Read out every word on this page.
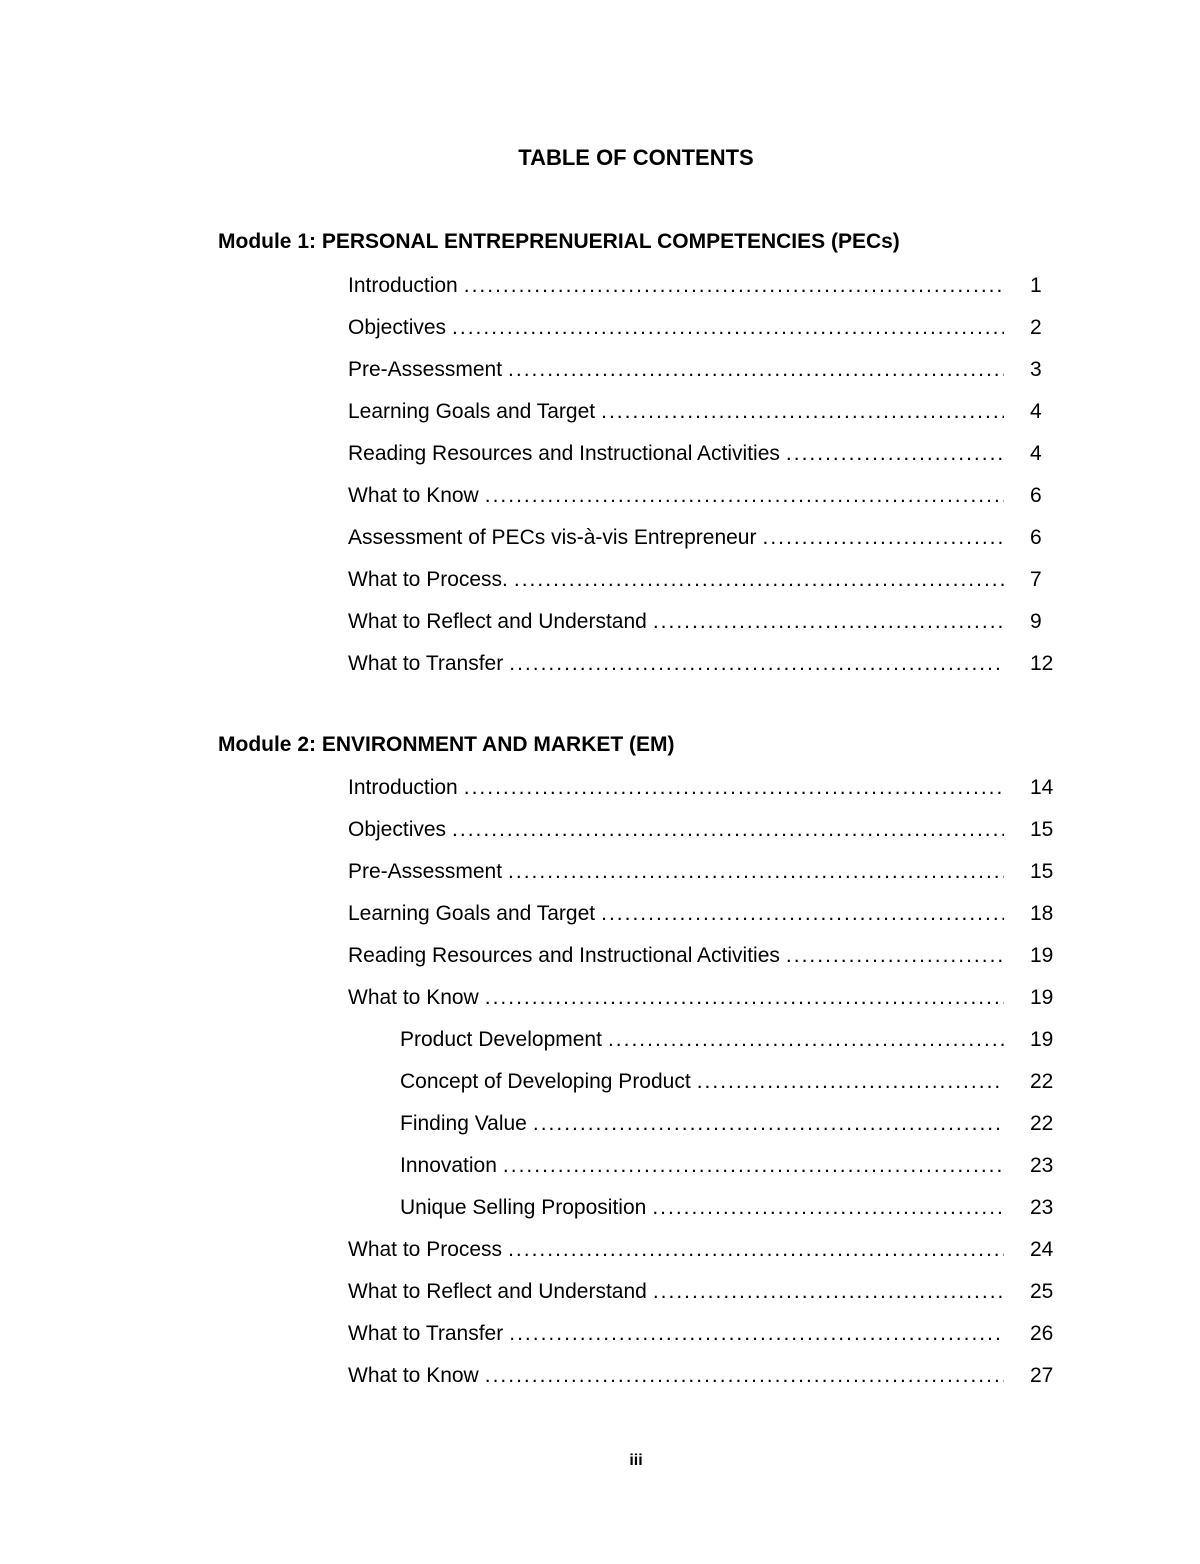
TABLE OF CONTENTS
Module 1: PERSONAL ENTREPRENUERIAL COMPETENCIES (PECs)
Introduction .....	1
Objectives .....	2
Pre-Assessment .....	3
Learning Goals and Target .....	4
Reading Resources and Instructional Activities .....	4
What to Know .....	6
Assessment of PECs vis-à-vis Entrepreneur .....	6
What to Process. .....	7
What to Reflect and Understand .....	9
What to Transfer .....	12
Module 2: ENVIRONMENT AND MARKET (EM)
Introduction .....	14
Objectives .....	15
Pre-Assessment .....	15
Learning Goals and Target .....	18
Reading Resources and Instructional Activities .....	19
What to Know .....	19
Product Development .....	19
Concept of Developing Product .....	22
Finding Value .....	22
Innovation .....	23
Unique Selling Proposition .....	23
What to Process .....	24
What to Reflect and Understand .....	25
What to Transfer .....	26
What to Know .....	27

iii
